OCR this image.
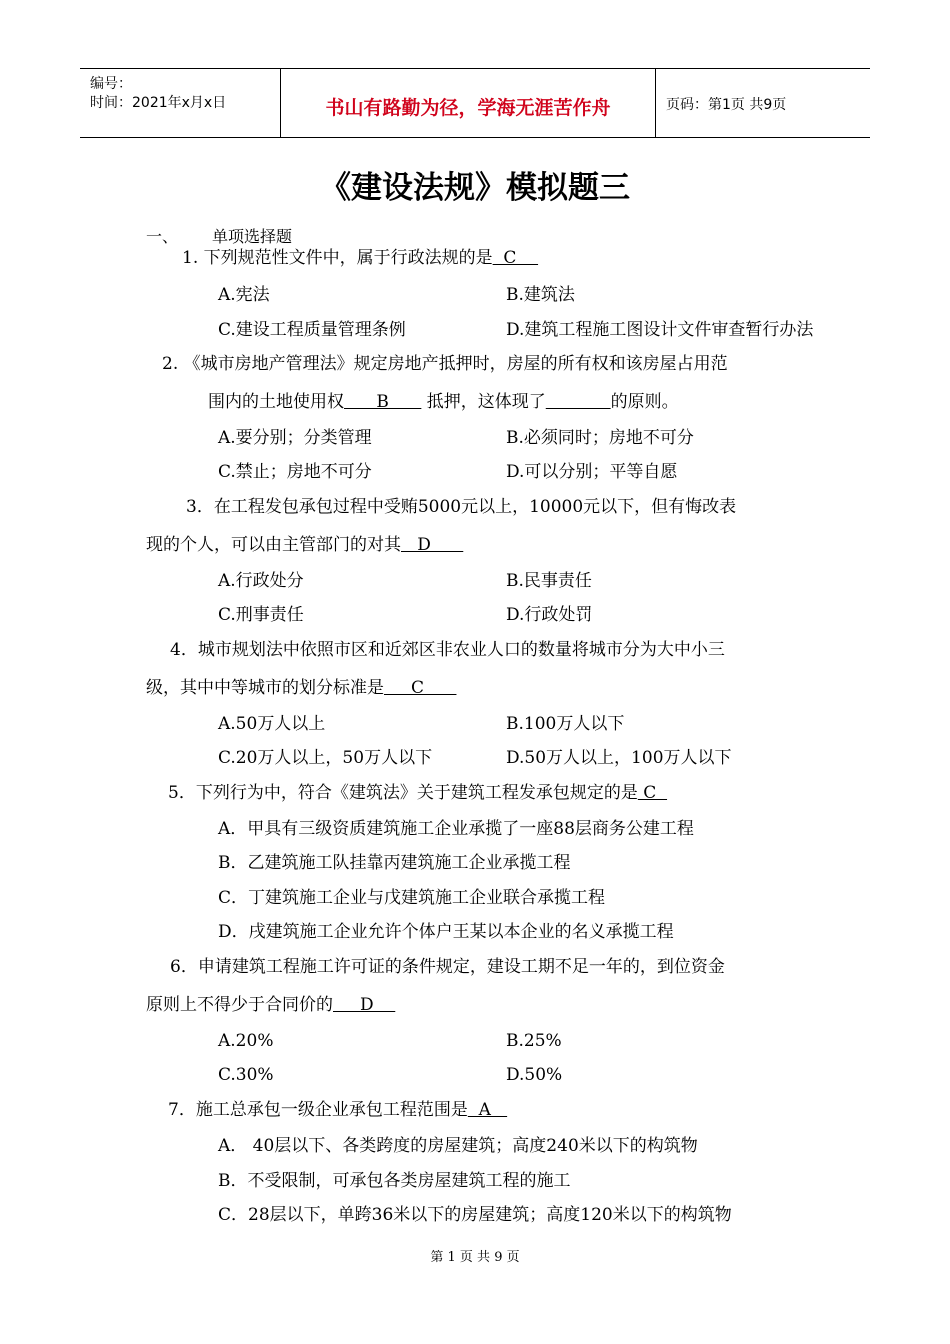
编号：
时间：2021年x月x日	书山有路勤为径，学海无涯苦作舟	页码：第1页 共9页
《建设法规》模拟题三
一、 单项选择题
1. 下列规范性文件中，属于行政法规的是  C
A.宪法	B.建筑法
C.建设工程质量管理条例	D.建筑工程施工图设计文件审查暂行办法
2. 《城市房地产管理法》规定房地产抵押时，房屋的所有权和该房屋占用范
围内的土地使用权      B       抵押，这体现了	的原则。
A.要分别；分类管理	B.必须同时；房地不可分
C.禁止；房地不可分	D.可以分别；平等自愿
3．在工程发包承包过程中受贿5000元以上，10000元以下，但有悔改表
现的个人，可以由主管部门的对其   D
A.行政处分	B.民事责任
C.刑事责任	D.行政处罚
4．城市规划法中依照市区和近郊区非农业人口的数量将城市分为大中小三
级，其中中等城市的划分标准是     C
A.50万人以上	B.100万人以下
C.20万人以上，50万人以下	D.50万人以上，100万人以下
5．下列行为中，符合《建筑法》关于建筑工程发承包规定的是 C
A．甲具有三级资质建筑施工企业承揽了一座88层商务公建工程
B．乙建筑施工队挂靠丙建筑施工企业承揽工程
C．丁建筑施工企业与戊建筑施工企业联合承揽工程
D．戌建筑施工企业允许个体户王某以本企业的名义承揽工程
6．申请建筑工程施工许可证的条件规定，建设工期不足一年的，到位资金
原则上不得少于合同价的     D
A.20%	B.25%
C.30%	D.50%
7．施工总承包一级企业承包工程范围是  A
A． 40层以下、各类跨度的房屋建筑；高度240米以下的构筑物
B．不受限制，可承包各类房屋建筑工程的施工
C．28层以下，单跨36米以下的房屋建筑；高度120米以下的构筑物
第 1 页 共 9 页
